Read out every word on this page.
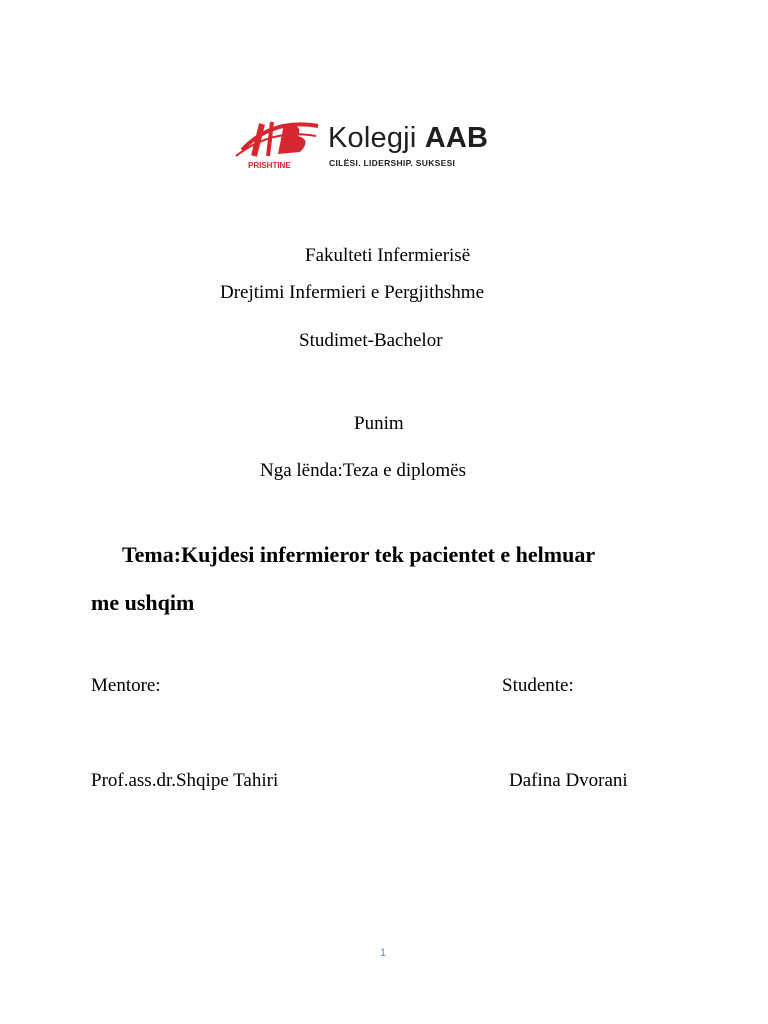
PRISHTINE
Kolegji AAB
CILËSI. LIDERSHIP. SUKSESI
Fakulteti Infermierisë
Drejtimi Infermieri e Pergjithshme
Studimet-Bachelor
Punim
Nga lënda:Teza e diplomës
Tema:Kujdesi infermieror tek pacientet e helmuar
me ushqim
Mentore:	Studente:
Prof.ass.dr.Shqipe Tahiri	Dafina Dvorani
1
